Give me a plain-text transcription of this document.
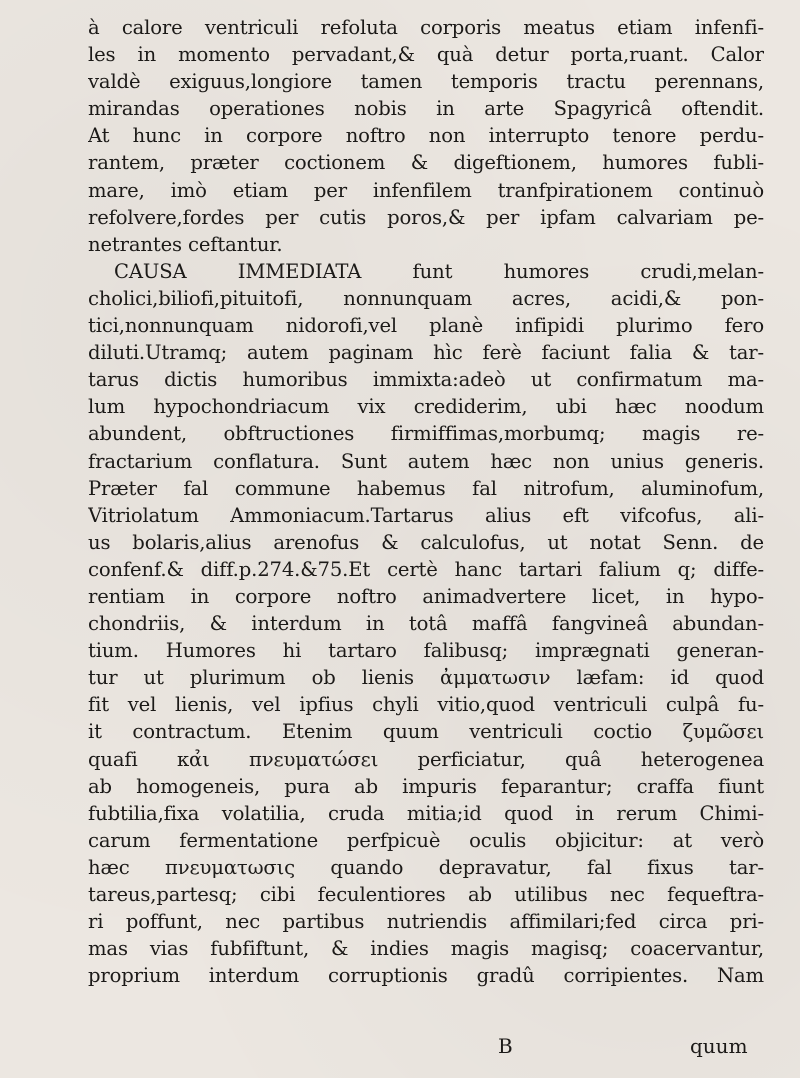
à calore ventriculi refoluta corporis meatus etiam infenfi-
les in momento pervadant,& quà detur porta,ruant. Calor
valdè exiguus,longiore tamen temporis tractu perennans,
mirandas operationes nobis in arte Spagyricâ oftendit.
At hunc in corpore noftro non interrupto tenore perdu-
rantem, præter coctionem & digeftionem, humores fubli-
mare, imò etiam per infenfilem tranfpirationem continuò
refolvere,fordes per cutis poros,& per ipfam calvariam pe-
netrantes ceftantur.
CAUSA IMMEDIATA funt humores crudi,melan-
cholici,biliofi,pituitofi, nonnunquam acres, acidi,& pon-
tici,nonnunquam nidorofi,vel planè infipidi plurimo fero
diluti.Utramq; autem paginam hìc ferè faciunt falia & tar-
tarus dictis humoribus immixta:adeò ut confirmatum ma-
lum hypochondriacum vix crediderim, ubi hæc noodum
abundent, obftructiones firmiffimas,morbumq; magis re-
fractarium conflatura. Sunt autem hæc non unius generis.
Præter fal commune habemus fal nitrofum, aluminofum,
Vitriolatum Ammoniacum.Tartarus alius eft vifcofus, ali-
us bolaris,alius arenofus & calculofus, ut notat Senn. de
confenf.& diff.p.274.&75.Et certè hanc tartari falium q; diffe-
rentiam in corpore noftro animadvertere licet, in hypo-
chondriis, & interdum in totâ maffâ fangvineâ abundan-
tium. Humores hi tartaro falibusq; imprægnati generan-
tur ut plurimum ob lienis ἀμματωσιν læfam: id quod
fit vel lienis, vel ipfius chyli vitio,quod ventriculi culpâ fu-
it contractum. Etenim quum ventriculi coctio ζυμῶσει
quafi κα̉ι πνευματώσει perficiatur, quâ heterogenea
ab homogeneis, pura ab impuris feparantur; craffa fiunt
fubtilia,fixa volatilia, cruda mitia;id quod in rerum Chimi-
carum fermentatione perfpicuè oculis objicitur: at verò
hæc πνευματωσις quando depravatur, fal fixus tar-
tareus,partesq; cibi feculentiores ab utilibus nec fequeftra-
ri poffunt, nec partibus nutriendis affimilari;fed circa pri-
mas vias fubfiftunt, & indies magis magisq; coacervantur,
proprium interdum corruptionis gradû corripientes. Nam
B	quum
